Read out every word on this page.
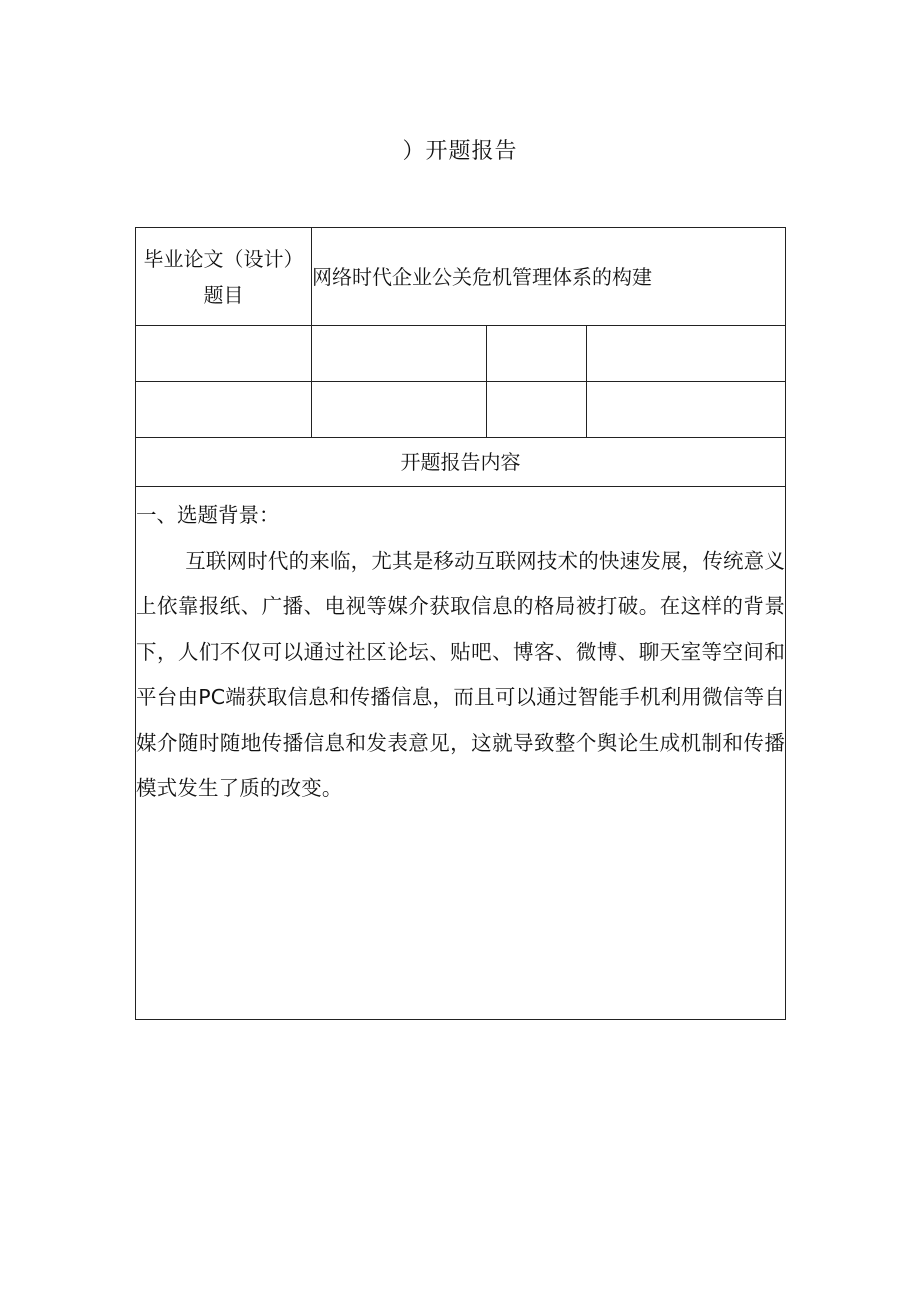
）开题报告
毕业论文（设计）题目	网络时代企业公关危机管理体系的构建		

开题报告内容			

一、选题背景：

互联网时代的来临，尤其是移动互联网技术的快速发展，传统意义上依靠报纸、广播、电视等媒介获取信息的格局被打破。在这样的背景下，人们不仅可以通过社区论坛、贴吧、博客、微博、聊天室等空间和平台由PC端获取信息和传播信息，而且可以通过智能手机利用微信等自媒介随时随地传播信息和发表意见，这就导致整个舆论生成机制和传播模式发生了质的改变。			
